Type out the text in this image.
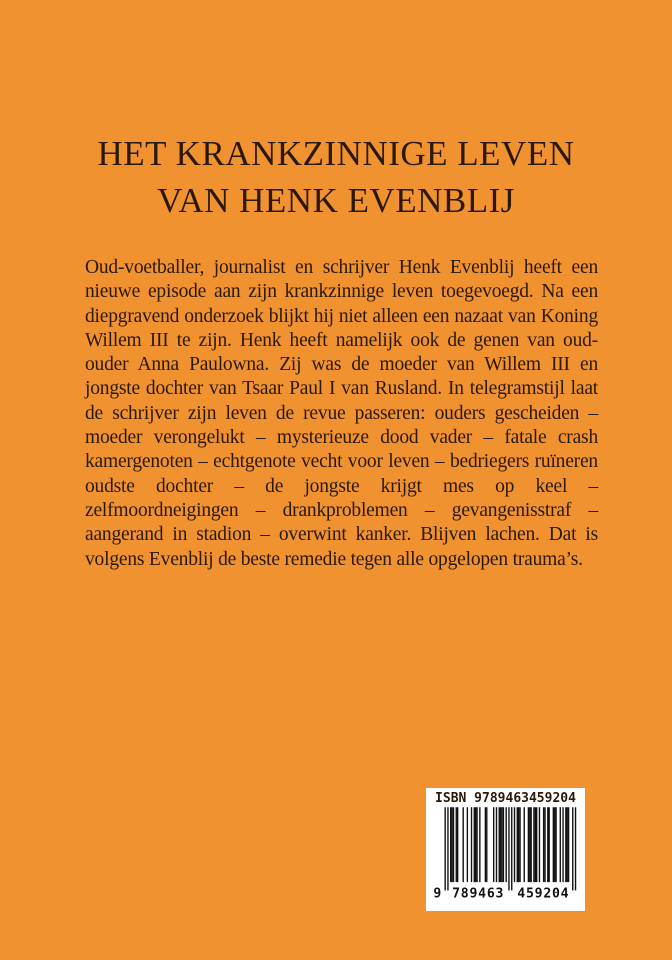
HET KRANKZINNIGE LEVEN
VAN HENK EVENBLIJ
Oud-voetballer, journalist en schrijver Henk Evenblij heeft een nieuwe episode aan zijn krankzinnige leven toegevoegd. Na een diepgravend onderzoek blijkt hij niet alleen een nazaat van Koning Willem III te zijn. Henk heeft namelijk ook de genen van oud-ouder Anna Paulowna. Zij was de moeder van Willem III en jongste dochter van Tsaar Paul I van Rusland. In telegramstijl laat de schrijver zijn leven de revue passeren: ouders gescheiden – moeder verongelukt – mysterieuze dood vader – fatale crash kamergenoten – echtgenote vecht voor leven – bedriegers ruïneren oudste dochter – de jongste krijgt mes op keel – zelfmoordneigingen – drankproblemen – gevangenisstraf – aangerand in stadion – overwint kanker. Blijven lachen. Dat is volgens Evenblij de beste remedie tegen alle opgelopen trauma’s.
ISBN 9789463459204
9 789463 459204
